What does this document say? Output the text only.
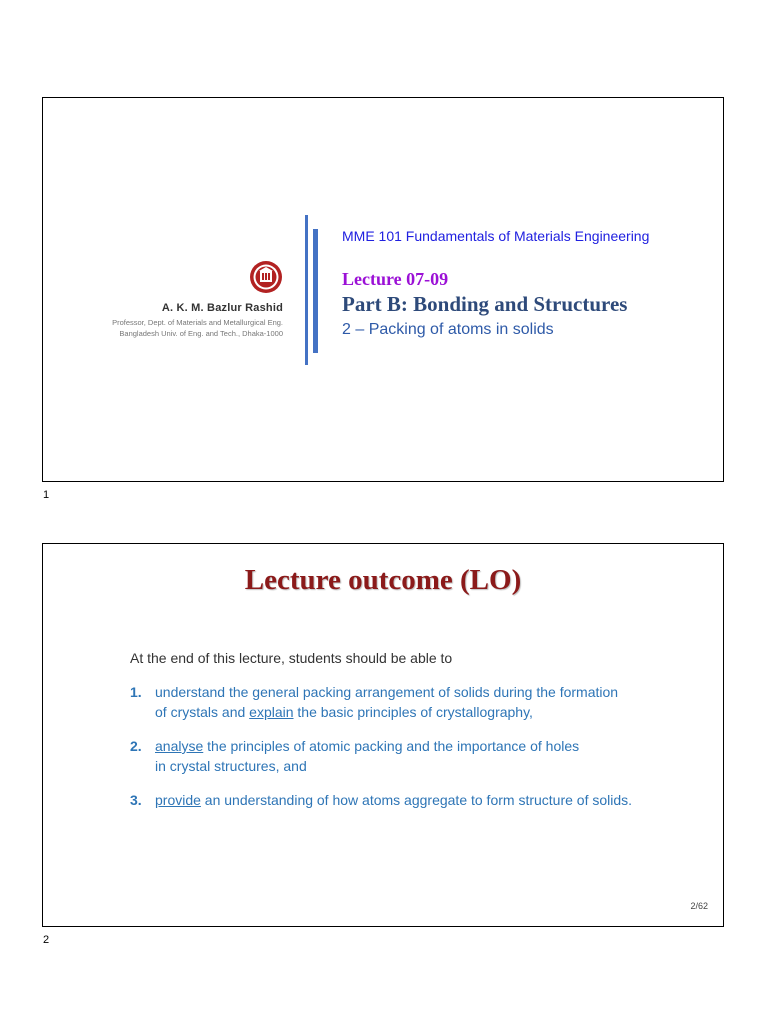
A. K. M. Bazlur Rashid
Professor, Dept. of Materials and Metallurgical Eng.
Bangladesh Univ. of Eng. and Tech., Dhaka-1000
MME 101 Fundamentals of Materials Engineering
Lecture 07-09
Part B: Bonding and Structures
2 – Packing of atoms in solids
1
Lecture outcome (LO)
At the end of this lecture, students should be able to
1. understand the general packing arrangement of solids during the formation
of crystals and explain the basic principles of crystallography,
2. analyse the principles of atomic packing and the importance of holes
in crystal structures, and
3. provide an understanding of how atoms aggregate to form structure of solids.
2/62
2
